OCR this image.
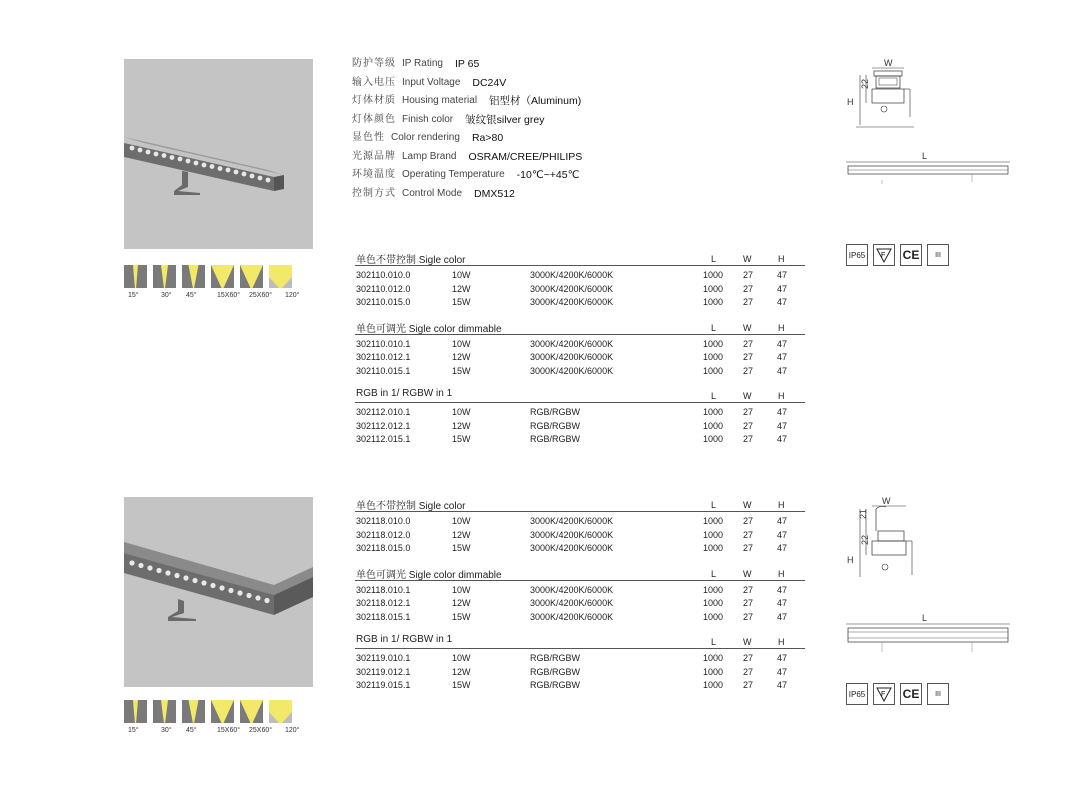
15°	30° 45°	15X60° 25X60° 120°
防护等级 IP Rating IP 65
输入电压 Input Voltage DC24V
灯体材质 Housing material 铝型材（Aluminum)
灯体颜色 Finish color 皱纹银silver grey
显色性 Color rendering Ra>80
光源品牌 Lamp Brand OSRAM/CREE/PHILIPS
环境温度 Operating Temperature -10℃~+45℃
控制方式 Control Mode DMX512
单色不带控制 Sigle color	L	W	H
302110.010.0	10W	3000K/4200K/6000K	1000 27	47
302110.012.0	12W	3000K/4200K/6000K	1000 27	47
302110.015.0	15W	3000K/4200K/6000K	1000 27	47
单色可调光 Sigle color dimmable	L	W	H
302110.010.1	10W	3000K/4200K/6000K	1000 27	47
302110.012.1	12W	3000K/4200K/6000K	1000 27	47
302110.015.1	15W	3000K/4200K/6000K	1000 27	47
RGB in 1/ RGBW in 1	L	W	H
302112.010.1	10W	RGB/RGBW	1000 27	47
302112.012.1	12W	RGB/RGBW	1000 27	47
302112.015.1	15W	RGB/RGBW	1000 27	47
W
22
H
L
IP65	F CE	III
15°	30° 45°	15X60° 25X60° 120°
单色不带控制 Sigle color	L	W	H
302118.010.0	10W	3000K/4200K/6000K	1000 27	47
302118.012.0	12W	3000K/4200K/6000K	1000 27	47
302118.015.0	15W	3000K/4200K/6000K	1000 27	47
单色可调光 Sigle color dimmable	L	W	H
302118.010.1	10W	3000K/4200K/6000K	1000 27	47
302118.012.1	12W	3000K/4200K/6000K	1000 27	47
302118.015.1	15W	3000K/4200K/6000K	1000 27	47
RGB in 1/ RGBW in 1	L	W	H
302119.010.1	10W	RGB/RGBW	1000 27	47
302119.012.1	12W	RGB/RGBW	1000 27	47
302119.015.1	15W	RGB/RGBW	1000 27	47
W
21
22
H
L
IP65	F CE	III
